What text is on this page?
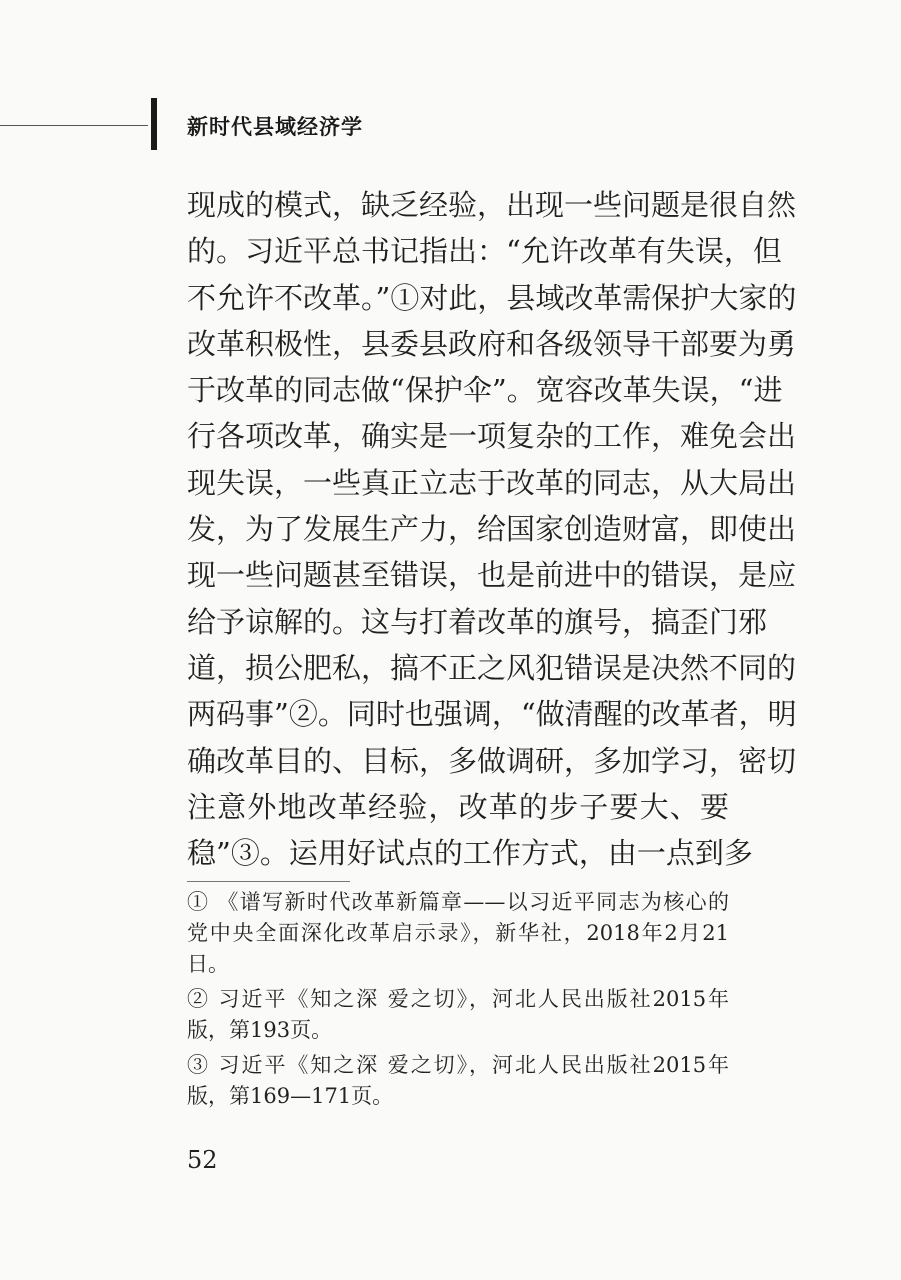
新时代县域经济学
现成的模式，缺乏经验，出现一些问题是很自然
的。习近平总书记指出：“允许改革有失误，但
不允许不改革。”①对此，县域改革需保护大家的
改革积极性，县委县政府和各级领导干部要为勇
于改革的同志做“保护伞”。宽容改革失误，“进
行各项改革，确实是一项复杂的工作，难免会出
现失误，一些真正立志于改革的同志，从大局出
发，为了发展生产力，给国家创造财富，即使出
现一些问题甚至错误，也是前进中的错误，是应
给予谅解的。这与打着改革的旗号，搞歪门邪
道，损公肥私，搞不正之风犯错误是决然不同的
两码事”②。同时也强调，“做清醒的改革者，明
确改革目的、目标，多做调研，多加学习，密切
注意外地改革经验，改革的步子要大、要
稳”③。运用好试点的工作方式，由一点到多
① 《谱写新时代改革新篇章——以习近平同志为核心的
党中央全面深化改革启示录》，新华社，2018年2月21
日。
② 习近平《知之深 爱之切》，河北人民出版社2015年
版，第193页。
③ 习近平《知之深 爱之切》，河北人民出版社2015年
版，第169—171页。
52
